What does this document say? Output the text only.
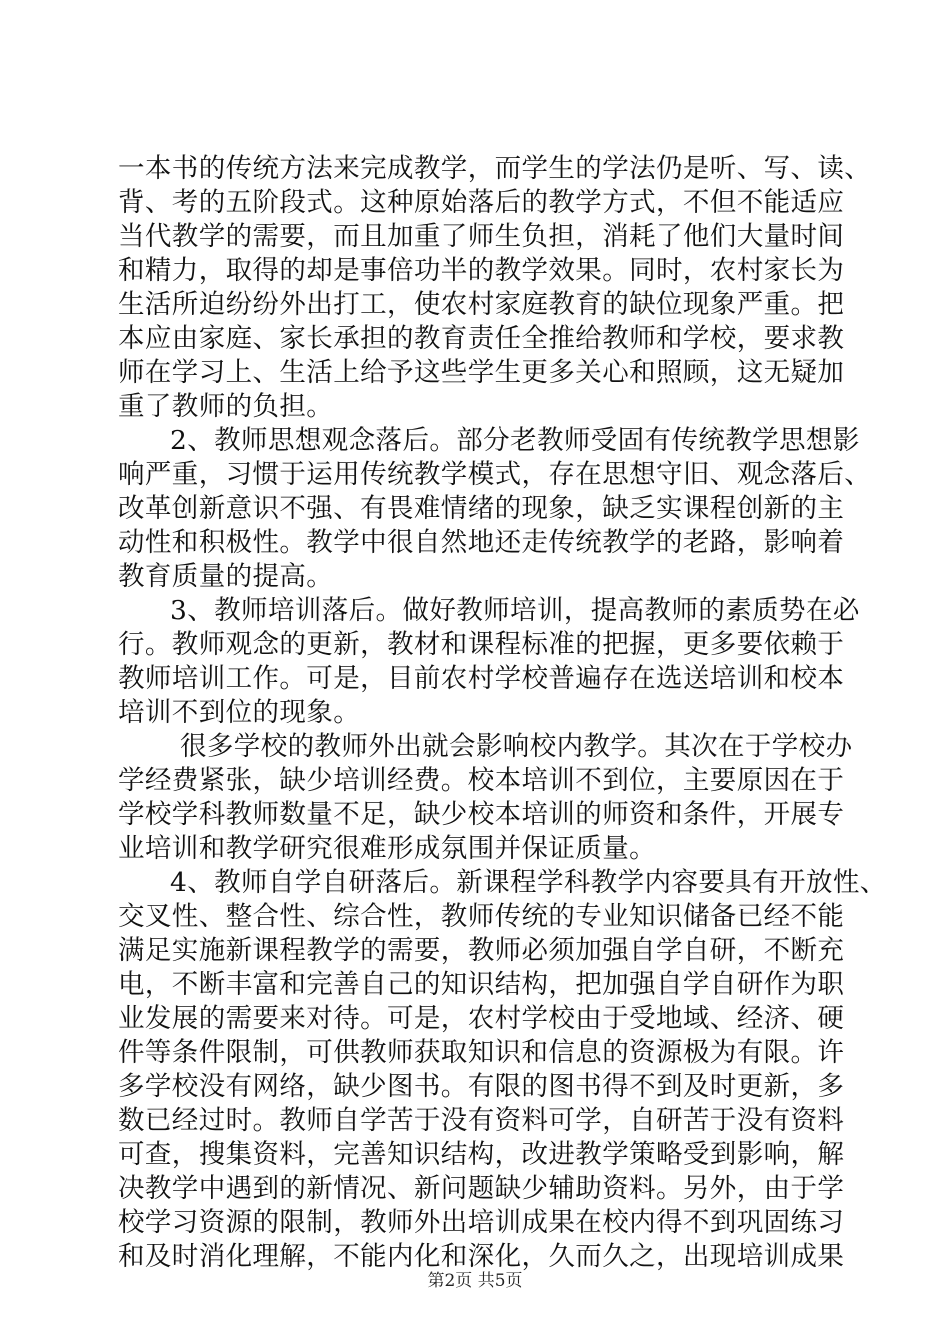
一本书的传统方法来完成教学，而学生的学法仍是听、写、读、
背、考的五阶段式。这种原始落后的教学方式，不但不能适应
当代教学的需要，而且加重了师生负担，消耗了他们大量时间
和精力，取得的却是事倍功半的教学效果。同时，农村家长为
生活所迫纷纷外出打工，使农村家庭教育的缺位现象严重。把
本应由家庭、家长承担的教育责任全推给教师和学校，要求教
师在学习上、生活上给予这些学生更多关心和照顾，这无疑加
重了教师的负担。
2、教师思想观念落后。部分老教师受固有传统教学思想影
响严重，习惯于运用传统教学模式，存在思想守旧、观念落后、
改革创新意识不强、有畏难情绪的现象，缺乏实课程创新的主
动性和积极性。教学中很自然地还走传统教学的老路，影响着
教育质量的提高。
3、教师培训落后。做好教师培训，提高教师的素质势在必
行。教师观念的更新，教材和课程标准的把握，更多要依赖于
教师培训工作。可是，目前农村学校普遍存在选送培训和校本
培训不到位的现象。
很多学校的教师外出就会影响校内教学。其次在于学校办
学经费紧张，缺少培训经费。校本培训不到位，主要原因在于
学校学科教师数量不足，缺少校本培训的师资和条件，开展专
业培训和教学研究很难形成氛围并保证质量。
4、教师自学自研落后。新课程学科教学内容要具有开放性、
交叉性、整合性、综合性，教师传统的专业知识储备已经不能
满足实施新课程教学的需要，教师必须加强自学自研，不断充
电，不断丰富和完善自己的知识结构，把加强自学自研作为职
业发展的需要来对待。可是，农村学校由于受地域、经济、硬
件等条件限制，可供教师获取知识和信息的资源极为有限。许
多学校没有网络，缺少图书。有限的图书得不到及时更新，多
数已经过时。教师自学苦于没有资料可学，自研苦于没有资料
可查，搜集资料，完善知识结构，改进教学策略受到影响，解
决教学中遇到的新情况、新问题缺少辅助资料。另外，由于学
校学习资源的限制，教师外出培训成果在校内得不到巩固练习
和及时消化理解，不能内化和深化，久而久之，出现培训成果
第2页 共5页
